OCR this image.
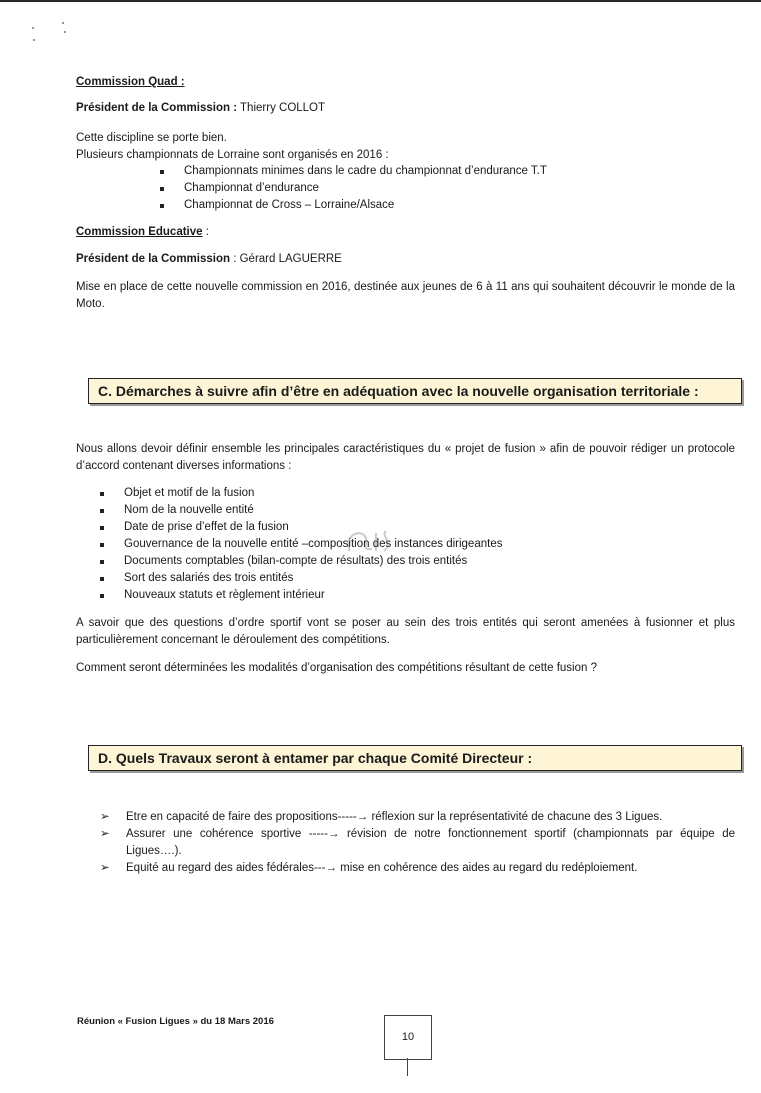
Commission Quad :
Président de la Commission : Thierry COLLOT
Cette discipline se porte bien.
Plusieurs championnats de Lorraine sont organisés en 2016 :
Championnats minimes dans le cadre du championnat d’endurance T.T
Championnat d’endurance
Championnat de Cross – Lorraine/Alsace
Commission Educative :
Président de la Commission : Gérard LAGUERRE
Mise en place de cette nouvelle commission en 2016, destinée aux jeunes de 6 à 11 ans qui souhaitent découvrir le monde de la Moto.
C. Démarches à suivre afin d’être en adéquation avec la nouvelle organisation territoriale :
Nous allons devoir définir ensemble les principales caractéristiques du « projet de fusion » afin de pouvoir rédiger un protocole d’accord contenant diverses informations :
Objet et motif de la fusion
Nom de la nouvelle entité
Date de prise d’effet de la fusion
Gouvernance de la nouvelle entité –composition des instances dirigeantes
Documents comptables (bilan-compte de résultats) des trois entités
Sort des salariés des trois entités
Nouveaux statuts et règlement intérieur
A savoir que des questions d’ordre sportif vont se poser au sein des trois entités qui seront amenées à fusionner et plus particulièrement concernant le déroulement des compétitions.
Comment seront déterminées les modalités d’organisation des compétitions résultant de cette fusion ?
D. Quels Travaux seront à entamer par chaque Comité Directeur :
➢ Etre en capacité de faire des propositions-----→ réflexion sur la représentativité de chacune des 3 Ligues.
➢ Assurer une cohérence sportive -----→ révision de notre fonctionnement sportif (championnats par équipe de Ligues….).
➢ Equité au regard des aides fédérales---→ mise en cohérence des aides au regard du redéploiement.
Réunion « Fusion Ligues » du 18 Mars 2016
10
